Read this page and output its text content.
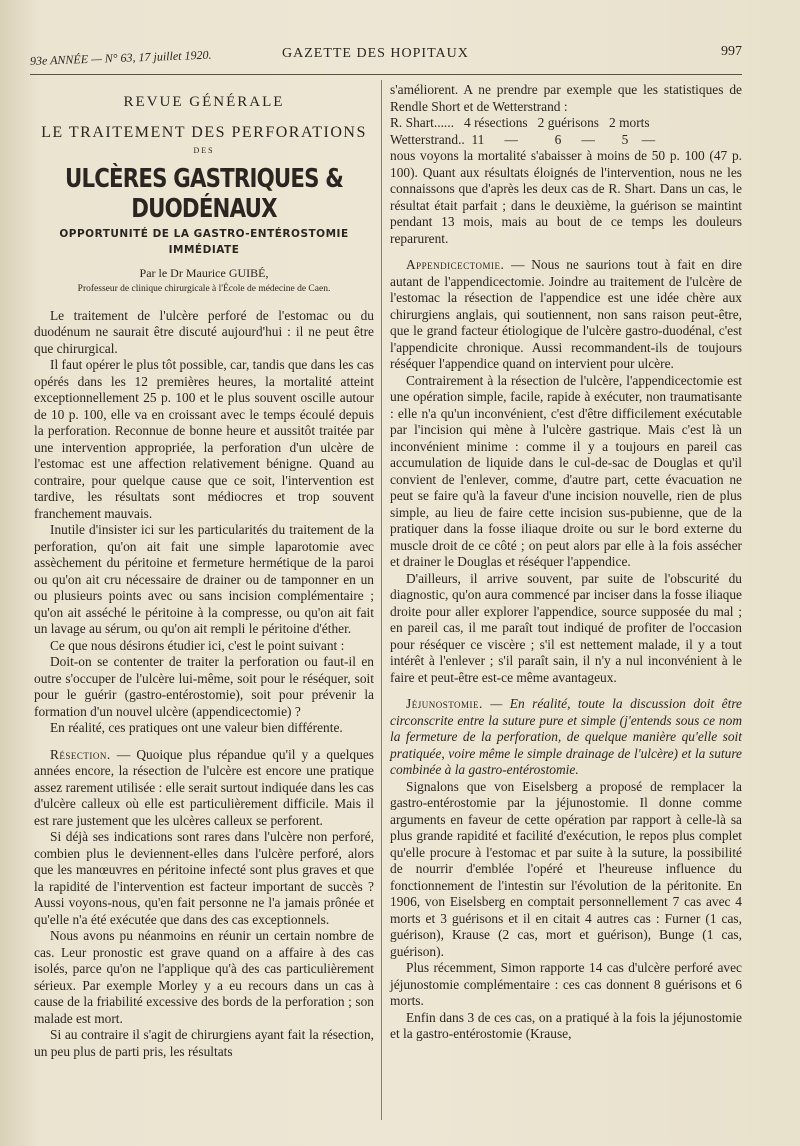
93e ANNÉE — N° 63, 17 juillet 1920.	GAZETTE DES HOPITAUX	997
REVUE GÉNÉRALE
LE TRAITEMENT DES PERFORATIONS
DES
ULCÈRES GASTRIQUES & DUODÉNAUX
OPPORTUNITÉ DE LA GASTRO-ENTÉROSTOMIE IMMÉDIATE
Par le Dr Maurice GUIBÉ,
Professeur de clinique chirurgicale à l'École de médecine de Caen.

Le traitement de l'ulcère perforé de l'estomac ou du duodénum ne saurait être discuté aujourd'hui : il ne peut être que chirurgical.

Il faut opérer le plus tôt possible, car, tandis que dans les cas opérés dans les 12 premières heures, la mortalité atteint exceptionnellement 25 p. 100 et le plus souvent oscille autour de 10 p. 100, elle va en croissant avec le temps écoulé depuis la perforation. Reconnue de bonne heure et aussitôt traitée par une intervention appropriée, la perforation d'un ulcère de l'estomac est une affection relativement bénigne. Quand au contraire, pour quelque cause que ce soit, l'intervention est tardive, les résultats sont médiocres et trop souvent franchement mauvais.

Inutile d'insister ici sur les particularités du traitement de la perforation, qu'on ait fait une simple laparotomie avec assèchement du péritoine et fermeture hermétique de la paroi ou qu'on ait cru nécessaire de drainer ou de tamponner en un ou plusieurs points avec ou sans incision complémentaire ; qu'on ait asséché le péritoine à la compresse, ou qu'on ait fait un lavage au sérum, ou qu'on ait rempli le péritoine d'éther.

Ce que nous désirons étudier ici, c'est le point suivant :

Doit-on se contenter de traiter la perforation ou faut-il en outre s'occuper de l'ulcère lui-même, soit pour le réséquer, soit pour le guérir (gastro-entérostomie), soit pour prévenir la formation d'un nouvel ulcère (appendicectomie) ?

En réalité, ces pratiques ont une valeur bien différente.

Résection. — Quoique plus répandue qu'il y a quelques années encore, la résection de l'ulcère est encore une pratique assez rarement utilisée : elle serait surtout indiquée dans les cas d'ulcère calleux où elle est particulièrement difficile. Mais il est rare justement que les ulcères calleux se perforent.

Si déjà ses indications sont rares dans l'ulcère non perforé, combien plus le deviennent-elles dans l'ulcère perforé, alors que les manœuvres en péritoine infecté sont plus graves et que la rapidité de l'intervention est facteur important de succès ? Aussi voyons-nous, qu'en fait personne ne l'a jamais prônée et qu'elle n'a été exécutée que dans des cas exceptionnels.

Nous avons pu néanmoins en réunir un certain nombre de cas. Leur pronostic est grave quand on a affaire à des cas isolés, parce qu'on ne l'applique qu'à des cas particulièrement sérieux. Par exemple Morley y a eu recours dans un cas à cause de la friabilité excessive des bords de la perforation ; son malade est mort.

Si au contraire il s'agit de chirurgiens ayant fait la résection, un peu plus de parti pris, les résultats

s'améliorent. A ne prendre par exemple que les statistiques de Rendle Short et de Wetterstrand :

R. Shart......   4 résections   2 guérisons   2 morts
Wetterstrand..  11      —           6      —        5    —

nous voyons la mortalité s'abaisser à moins de 50 p. 100 (47 p. 100). Quant aux résultats éloignés de l'intervention, nous ne les connaissons que d'après les deux cas de R. Shart. Dans un cas, le résultat était parfait ; dans le deuxième, la guérison se maintint pendant 13 mois, mais au bout de ce temps les douleurs reparurent.

Appendicectomie. — Nous ne saurions tout à fait en dire autant de l'appendicectomie. Joindre au traitement de l'ulcère de l'estomac la résection de l'appendice est une idée chère aux chirurgiens anglais, qui soutiennent, non sans raison peut-être, que le grand facteur étiologique de l'ulcère gastro-duodénal, c'est l'appendicite chronique. Aussi recommandent-ils de toujours réséquer l'appendice quand on intervient pour ulcère.

Contrairement à la résection de l'ulcère, l'appendicectomie est une opération simple, facile, rapide à exécuter, non traumatisante : elle n'a qu'un inconvénient, c'est d'être difficilement exécutable par l'incision qui mène à l'ulcère gastrique. Mais c'est là un inconvénient minime : comme il y a toujours en pareil cas accumulation de liquide dans le cul-de-sac de Douglas et qu'il convient de l'enlever, comme, d'autre part, cette évacuation ne peut se faire qu'à la faveur d'une incision nouvelle, rien de plus simple, au lieu de faire cette incision sus-pubienne, que de la pratiquer dans la fosse iliaque droite ou sur le bord externe du muscle droit de ce côté ; on peut alors par elle à la fois assécher et drainer le Douglas et réséquer l'appendice.

D'ailleurs, il arrive souvent, par suite de l'obscurité du diagnostic, qu'on aura commencé par inciser dans la fosse iliaque droite pour aller explorer l'appendice, source supposée du mal ; en pareil cas, il me paraît tout indiqué de profiter de l'occasion pour réséquer ce viscère ; s'il est nettement malade, il y a tout intérêt à l'enlever ; s'il paraît sain, il n'y a nul inconvénient à le faire et peut-être est-ce même avantageux.

Jéjunostomie. — En réalité, toute la discussion doit être circonscrite entre la suture pure et simple (j'entends sous ce nom la fermeture de la perforation, de quelque manière qu'elle soit pratiquée, voire même le simple drainage de l'ulcère) et la suture combinée à la gastro-entérostomie.

Signalons que von Eiselsberg a proposé de remplacer la gastro-entérostomie par la jéjunostomie. Il donne comme arguments en faveur de cette opération par rapport à celle-là sa plus grande rapidité et facilité d'exécution, le repos plus complet qu'elle procure à l'estomac et par suite à la suture, la possibilité de nourrir d'emblée l'opéré et l'heureuse influence du fonctionnement de l'intestin sur l'évolution de la péritonite. En 1906, von Eiselsberg en comptait personnellement 7 cas avec 4 morts et 3 guérisons et il en citait 4 autres cas : Furner (1 cas, guérison), Krause (2 cas, mort et guérison), Bunge (1 cas, guérison).

Plus récemment, Simon rapporte 14 cas d'ulcère perforé avec jéjunostomie complémentaire : ces cas donnent 8 guérisons et 6 morts.

Enfin dans 3 de ces cas, on a pratiqué à la fois la jéjunostomie et la gastro-entérostomie (Krause,
